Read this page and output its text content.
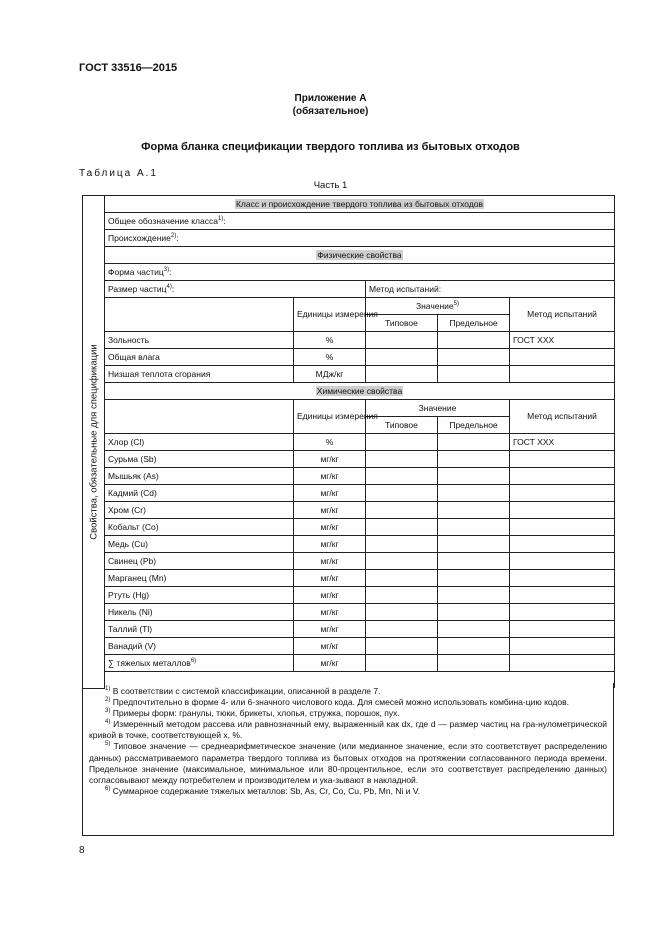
ГОСТ 33516—2015
Приложение А
(обязательное)
Форма бланка спецификации твердого топлива из бытовых отходов
Таблица А.1
Часть 1
Свойства, обязательные для спецификации	Класс и происхождение твердого топлива из бытовых отходов				
	Общее обозначение класса$^{1)}$:				
	Происхождение$^{2)}$:				
	Физические свойства				
	Форма частиц$^{3)}$:				
	Размер частиц$^{4)}$:		Метод испытаний:		
		Единицы измерения	Значение$^{5)}$		Метод испытаний
			Типовое	Предельное	
	Зольность	%			ГОСТ ХХХ
	Общая влага	%			
	Низшая теплота сгорания	МДж/кг			
	Химические свойства				
		Единицы измерения	Значение		Метод испытаний
			Типовое	Предельное	
	Хлор (Cl)	%			ГОСТ ХХХ
	Сурьма (Sb)	мг/кг			
	Мышьяк (As)	мг/кг			
	Кадмий (Cd)	мг/кг			
	Хром (Cr)	мг/кг			
	Кобальт (Co)	мг/кг			
	Медь (Cu)	мг/кг			
	Свинец (Pb)	мг/кг			
	Марганец (Mn)	мг/кг			
	Ртуть (Hg)	мг/кг			
	Никель (Ni)	мг/кг			
	Таллий (Tl)	мг/кг			
	Ванадий (V)	мг/кг			
	∑ тяжелых металлов$^{6)}$	мг/кг			

$^{1)}$ В соответствии с системой классификации, описанной в разделе 7.

$^{2)}$ Предпочтительно в форме 4- или 6-значного числового кода. Для смесей можно использовать комбина-цию кодов.

$^{3)}$ Примеры форм: гранулы, тюки, брикеты, хлопья, стружка, порошок, пух.

$^{4)}$ Измеренный методом рассева или равнозначный ему, выраженный как dx, где d — размер частиц на гра-нулометрической кривой в точке, соответствующей x, %.

$^{5)}$ Типовое значение — среднеарифметическое значение (или медианное значение, если это соответствует распределению данных) рассматриваемого параметра твердого топлива из бытовых отходов на протяжении согласованного периода времени. Предельное значение (максимальное, минимальное или 80-процентильное, если это соответствует распределению данных) согласовывают между потребителем и производителем и ука-зывают в накладной.

$^{6)}$ Суммарное содержание тяжелых металлов: Sb, As, Cr, Co, Cu, Pb, Mn, Ni и V.

8
